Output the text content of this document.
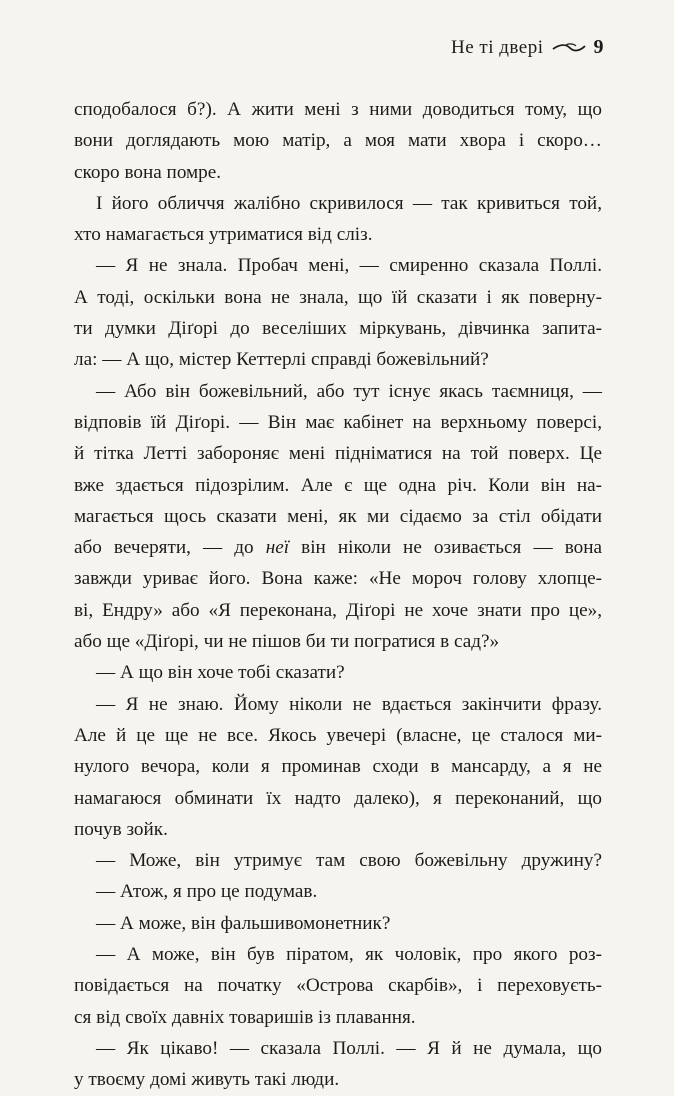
Не ті двері	9
сподобалося б?). А жити мені з ними доводиться тому, що
вони доглядають мою матір, а моя мати хвора і скоро…
скоро вона помре.
І його обличчя жалібно скривилося — так кривиться той,
хто намагається утриматися від сліз.
— Я не знала. Пробач мені, — смиренно сказала Поллі.
А тоді, оскільки вона не знала, що їй сказати і як поверну-
ти думки Діґорі до веселіших міркувань, дівчинка запита-
ла: — А що, містер Кеттерлі справді божевільний?
— Або він божевільний, або тут існує якась таємниця, —
відповів їй Діґорі. — Він має кабінет на верхньому поверсі,
й тітка Летті забороняє мені підніматися на той поверх. Це
вже здається підозрілим. Але є ще одна річ. Коли він на-
магається щось сказати мені, як ми сідаємо за стіл обідати
або вечеряти, — до неї він ніколи не озивається — вона
завжди уриває його. Вона каже: «Не мороч голову хлопце-
ві, Ендру» або «Я переконана, Діґорі не хоче знати про це»,
або ще «Діґорі, чи не пішов би ти погратися в сад?»
— А що він хоче тобі сказати?
— Я не знаю. Йому ніколи не вдається закінчити фразу.
Але й це ще не все. Якось увечері (власне, це сталося ми-
нулого вечора, коли я проминав сходи в мансарду, а я не
намагаюся обминати їх надто далеко), я переконаний, що
почув зойк.
— Може, він утримує там свою божевільну дружину?
— Атож, я про це подумав.
— А може, він фальшивомонетник?
— А може, він був піратом, як чоловік, про якого роз-
повідається на початку «Острова скарбів», і переховуєть-
ся від своїх давніх товаришів із плавання.
— Як цікаво! — сказала Поллі. — Я й не думала, що
у твоєму домі живуть такі люди.
